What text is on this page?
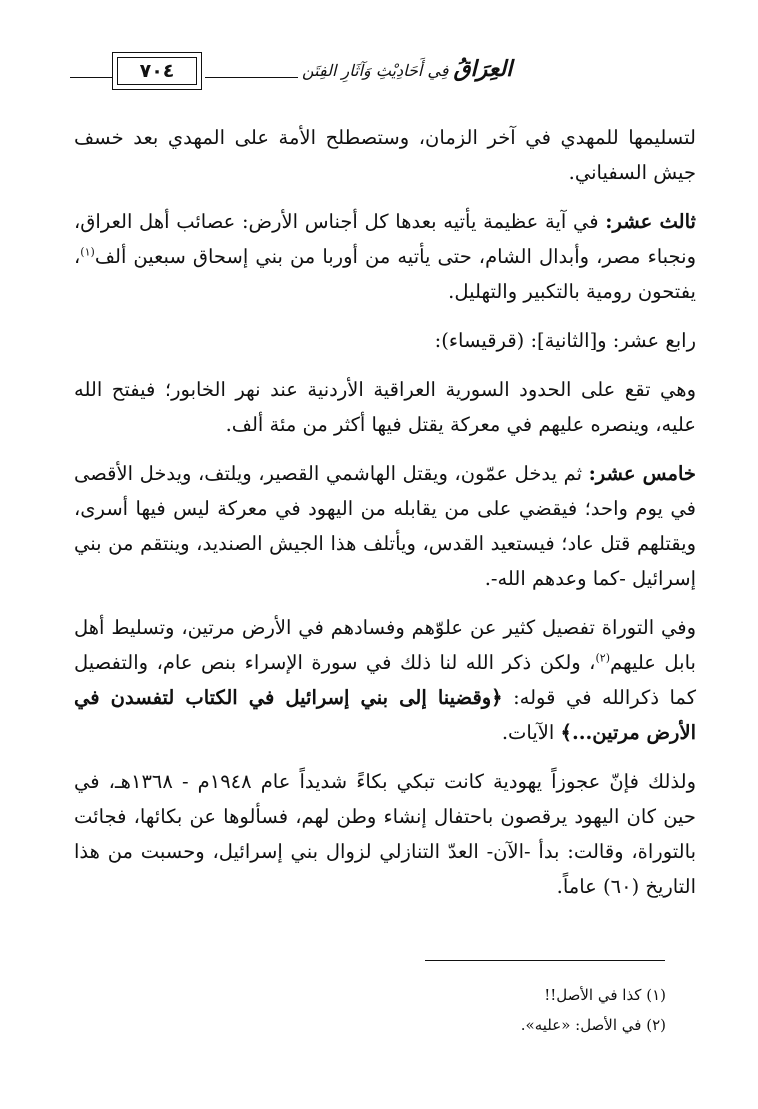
٧٠٤	العِرَاقُ فِي أَحَادِيْثِ وَآثَارِ الفِتَن

لتسليمها للمهدي في آخر الزمان، وستصطلح الأمة على المهدي بعد خسف جيش السفياني.

ثالث عشر: في آية عظيمة يأتيه بعدها كل أجناس الأرض: عصائب أهل العراق، ونجباء مصر، وأبدال الشام، حتى يأتيه من أوربا من بني إسحاق سبعين ألف$^{(١)}$، يفتحون رومية بالتكبير والتهليل.

رابع عشر: و[الثانية]: (قرقيساء):

وهي تقع على الحدود السورية العراقية الأردنية عند نهر الخابور؛ فيفتح الله عليه، وينصره عليهم في معركة يقتل فيها أكثر من مئة ألف.

خامس عشر: ثم يدخل عمّون، ويقتل الهاشمي القصير، ويلتف، ويدخل الأقصى في يوم واحد؛ فيقضي على من يقابله من اليهود في معركة ليس فيها أسرى، ويقتلهم قتل عاد؛ فيستعيد القدس، ويأتلف هذا الجيش الصنديد، وينتقم من بني إسرائيل -كما وعدهم الله-.

وفي التوراة تفصيل كثير عن علوّهم وفسادهم في الأرض مرتين، وتسليط أهل بابل عليهم$^{(٢)}$، ولكن ذكر الله لنا ذلك في سورة الإسراء بنص عام، والتفصيل كما ذكرالله في قوله: ﴿وقضينا إلى بني إسرائيل في الكتاب لتفسدن في الأرض مرتين...﴾ الآيات.

ولذلك فإنّ عجوزاً يهودية كانت تبكي بكاءً شديداً عام ١٩٤٨م - ١٣٦٨هـ، في حين كان اليهود يرقصون باحتفال إنشاء وطن لهم، فسألوها عن بكائها، فجائت بالتوراة، وقالت: بدأ -الآن- العدّ التنازلي لزوال بني إسرائيل، وحسبت من هذا التاريخ (٦٠) عاماً.

(١) كذا في الأصل!!
(٢) في الأصل: «عليه».
